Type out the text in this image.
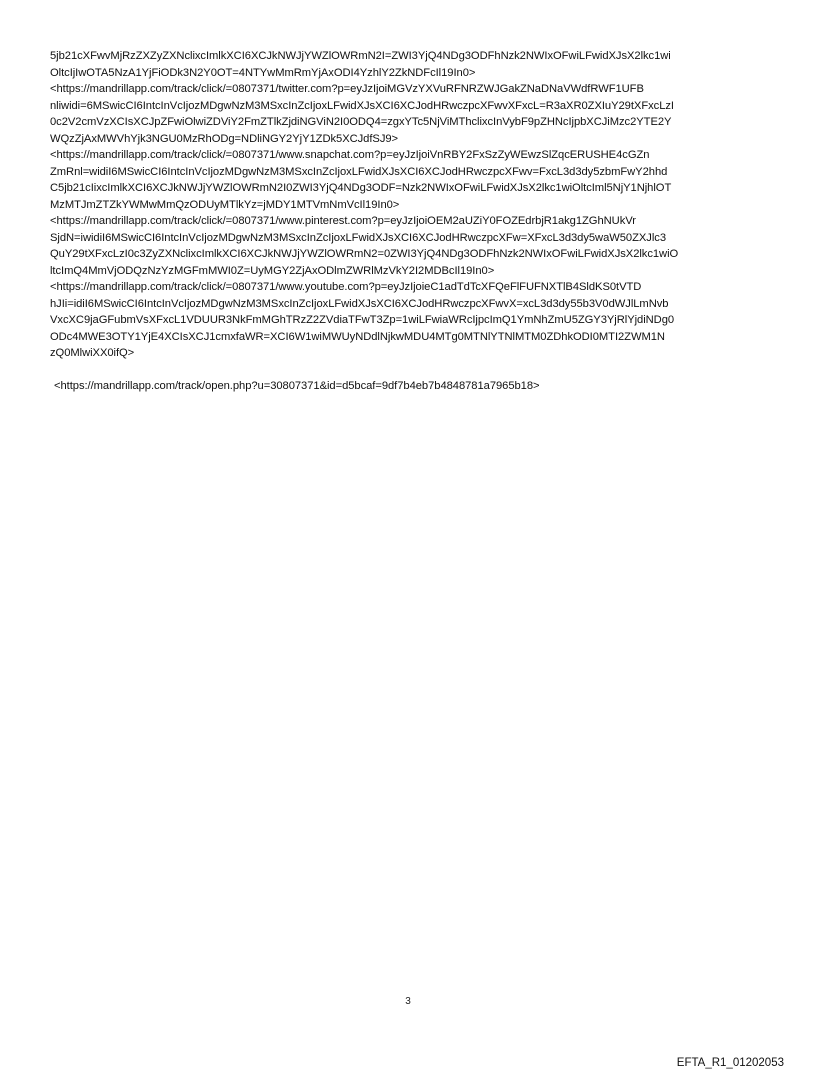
5jb21cXFwvMjRzZXZyZXNclixcImlkXCI6XCJkNWJjYWZlOWRmN2I=ZWI3YjQ4NDg3ODFhNzk2NWIxOFwiLFwidXJsX2lkc1wi
OltcIjIwOTA5NzA1YjFiODk3N2Y0OT=4NTYwMmRmYjAxODI4YzhlY2ZkNDFcIl19In0>
<https://mandrillapp.com/track/click/=0807371/twitter.com?p=eyJzIjoiMGVzYXVuRFNRZWJGakZNaDNaVWdfRWF1UFB
nliwidi=6MSwicCI6IntcInVcIjozMDgwNzM3MSxcInZcIjoxLFwidXJsXCI6XCJodHRwczpcXFwvXFxcL=R3aXR0ZXIuY29tXFxcLzI
0c2V2cmVzXCIsXCJpZFwiOlwiZDViY2FmZTlkZjdiNGViN2I0ODQ4=zgxYTc5NjViMThclixcInVybF9pZHNcIjpbXCJiMzc2YTE2Y
WQzZjAxMWVhYjk3NGU0MzRhODg=NDliNGY2YjY1ZDk5XCJdfSJ9>
<https://mandrillapp.com/track/click/=0807371/www.snapchat.com?p=eyJzIjoiVnRBY2FxSzZyWEwzSlZqcERUSHE4cGZn
ZmRnl=widiI6MSwicCI6IntcInVcIjozMDgwNzM3MSxcInZcIjoxLFwidXJsXCI6XCJodHRwczpcXFwv=FxcL3d3dy5zbmFwY2hhd
C5jb21cIixcImlkXCI6XCJkNWJjYWZlOWRmN2I0ZWI3YjQ4NDg3ODF=Nzk2NWIxOFwiLFwidXJsX2lkc1wiOltcIml5NjY1NjhlOT
MzMTJmZTZkYWMwMmQzODUyMTlkYz=jMDY1MTVmNmVcIl19In0>
<https://mandrillapp.com/track/click/=0807371/www.pinterest.com?p=eyJzIjoiOEM2aUZiY0FOZEdrbjR1akg1ZGhNUkVr
SjdN=iwidiI6MSwicCI6IntcInVcIjozMDgwNzM3MSxcInZcIjoxLFwidXJsXCI6XCJodHRwczpcXFw=XFxcL3d3dy5waW50ZXJlc3
QuY29tXFxcLzI0c3ZyZXNclixcImlkXCI6XCJkNWJjYWZlOWRmN2=0ZWI3YjQ4NDg3ODFhNzk2NWIxOFwiLFwidXJsX2lkc1wiO
ltcImQ4MmVjODQzNzYzMGFmMWI0Z=UyMGY2ZjAxODlmZWRlMzVkY2I2MDBcIl19In0>
<https://mandrillapp.com/track/click/=0807371/www.youtube.com?p=eyJzIjoieC1adTdTcXFQeFlFUFNXTlB4SldKS0tVTD
hJIi=idiI6MSwicCI6IntcInVcIjozMDgwNzM3MSxcInZcIjoxLFwidXJsXCI6XCJodHRwczpcXFwvX=xcL3d3dy55b3V0dWJlLmNvb
VxcXC9jaGFubmVsXFxcL1VDUUR3NkFmMGhTRzZ2ZVdiaTFwT3Zp=1wiLFwiaWRcIjpcImQ1YmNhZmU5ZGY3YjRlYjdiNDg0
ODc4MWE3OTY1YjE4XCIsXCJ1cmxfaWR=XCI6W1wiMWUyNDdlNjkwMDU4MTg0MTNlYTNlMTM0ZDhkODI0MTI2ZWM1N
zQ0MlwiXX0ifQ>
<https://mandrillapp.com/track/open.php?u=30807371&id=d5bcaf=9df7b4eb7b4848781a7965b18>
3
EFTA_R1_01202053
